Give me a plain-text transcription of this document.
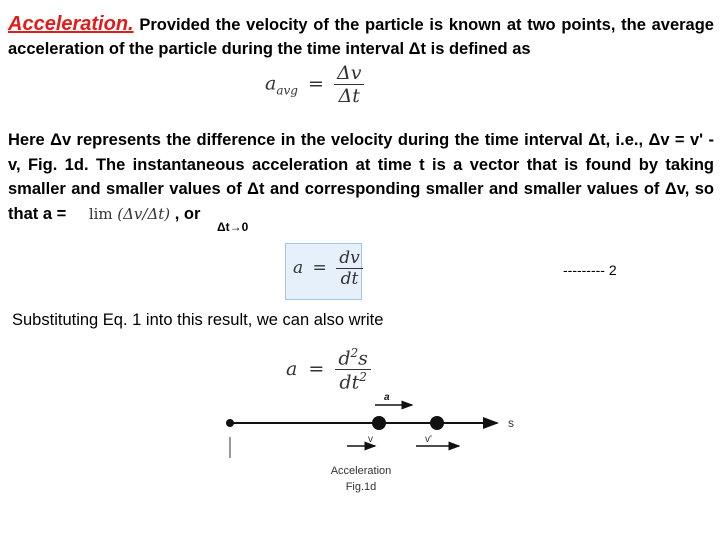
Acceleration. Provided the velocity of the particle is known at two points, the average acceleration of the particle during the time interval Δt is defined as

$a_{avg} = \frac{\Delta v}{\Delta t}$

Here Δv represents the difference in the velocity during the time interval Δt, i.e., Δv = v' - v, Fig. 1d. The instantaneous acceleration at time t is a vector that is found by taking smaller and smaller values of Δt and corresponding smaller and smaller values of Δv, so that a = lim (Δv/Δt) , or

Δt→0
$a = \frac{dv}{dt}$	--------- 2
Substituting Eq. 1 into this result, we can also write
$a = \frac{d^2s}{dt^2}$
a
s
v	v'
Acceleration
Fig.1d
